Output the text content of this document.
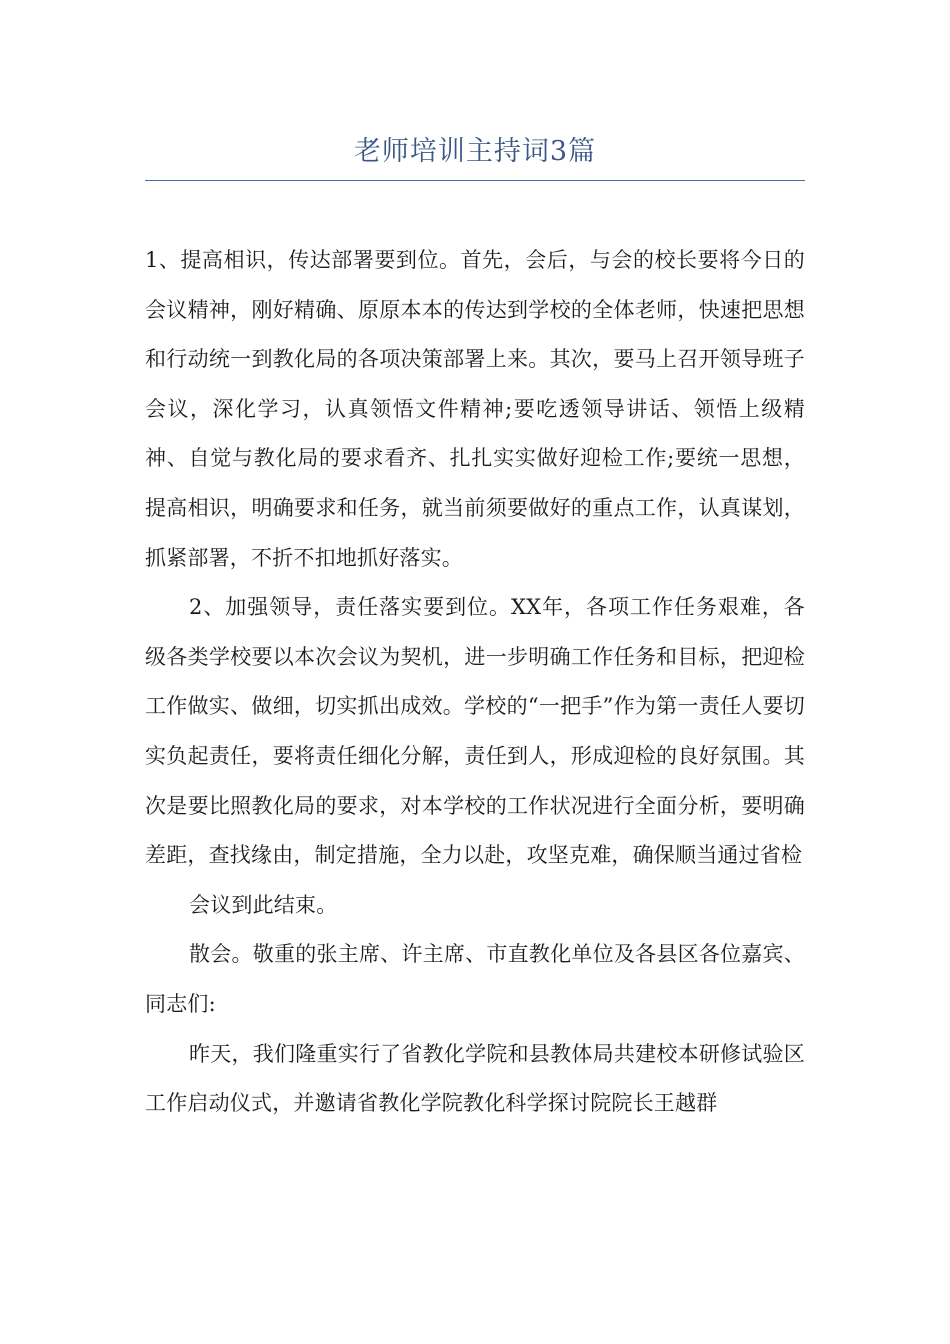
老师培训主持词3篇

1、提高相识，传达部署要到位。首先，会后，与会的校长要将今日的会议精神，刚好精确、原原本本的传达到学校的全体老师，快速把思想和行动统一到教化局的各项决策部署上来。其次，要马上召开领导班子会议，深化学习，认真领悟文件精神;要吃透领导讲话、领悟上级精神、自觉与教化局的要求看齐、扎扎实实做好迎检工作;要统一思想，提高相识，明确要求和任务，就当前须要做好的重点工作，认真谋划，抓紧部署，不折不扣地抓好落实。

2、加强领导，责任落实要到位。XX年，各项工作任务艰难，各级各类学校要以本次会议为契机，进一步明确工作任务和目标，把迎检工作做实、做细，切实抓出成效。学校的“一把手”作为第一责任人要切实负起责任，要将责任细化分解，责任到人，形成迎检的良好氛围。其次是要比照教化局的要求，对本学校的工作状况进行全面分析，要明确差距，查找缘由，制定措施，全力以赴，攻坚克难，确保顺当通过省检

会议到此结束。

散会。敬重的张主席、许主席、市直教化单位及各县区各位嘉宾、同志们:

昨天，我们隆重实行了省教化学院和县教体局共建校本研修试验区工作启动仪式，并邀请省教化学院教化科学探讨院院长王越群
